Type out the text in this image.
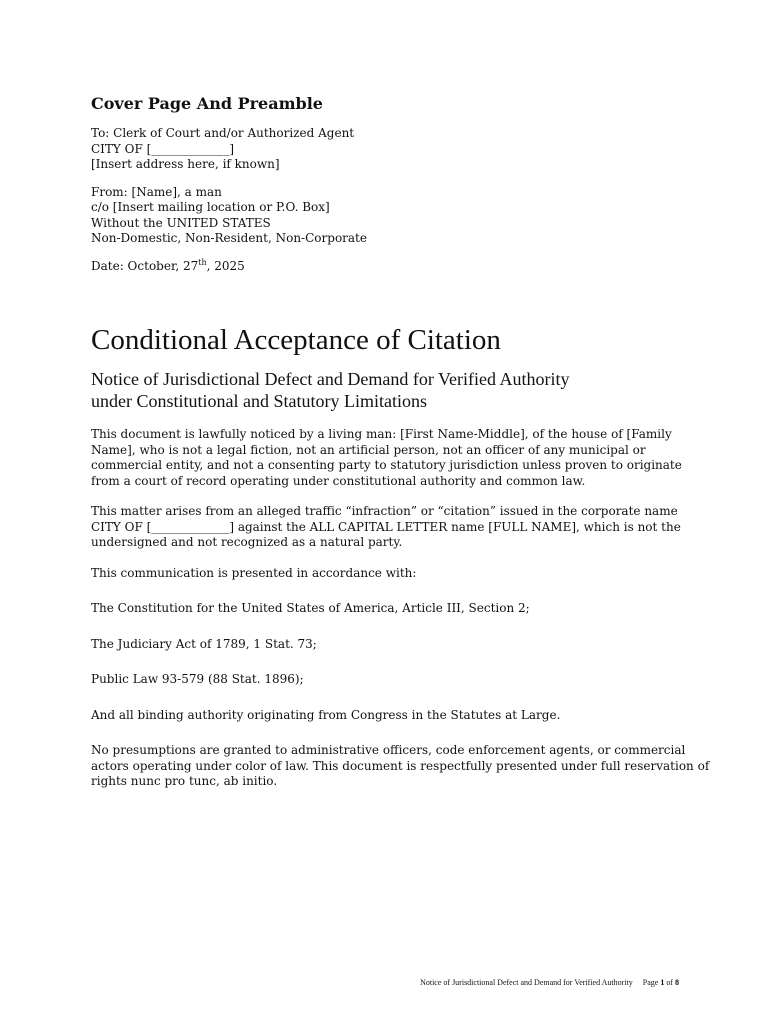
Cover Page And Preamble
To: Clerk of Court and/or Authorized Agent
CITY OF [_____________]
[Insert address here, if known]
From: [Name], a man
c/o [Insert mailing location or P.O. Box]
Without the UNITED STATES
Non-Domestic, Non-Resident, Non-Corporate
Date: October, 27th, 2025
Conditional Acceptance of Citation
Notice of Jurisdictional Defect and Demand for Verified Authority
under Constitutional and Statutory Limitations
This document is lawfully noticed by a living man: [First Name-Middle], of the house of [Family
Name], who is not a legal fiction, not an artificial person, not an officer of any municipal or
commercial entity, and not a consenting party to statutory jurisdiction unless proven to originate
from a court of record operating under constitutional authority and common law.
This matter arises from an alleged traffic “infraction” or “citation” issued in the corporate name
CITY OF [_____________] against the ALL CAPITAL LETTER name [FULL NAME], which is not the
undersigned and not recognized as a natural party.
This communication is presented in accordance with:
The Constitution for the United States of America, Article III, Section 2;
The Judiciary Act of 1789, 1 Stat. 73;
Public Law 93-579 (88 Stat. 1896);
And all binding authority originating from Congress in the Statutes at Large.
No presumptions are granted to administrative officers, code enforcement agents, or commercial
actors operating under color of law. This document is respectfully presented under full reservation of
rights nunc pro tunc, ab initio.
Notice of Jurisdictional Defect and Demand for Verified Authority Page 1 of 8
